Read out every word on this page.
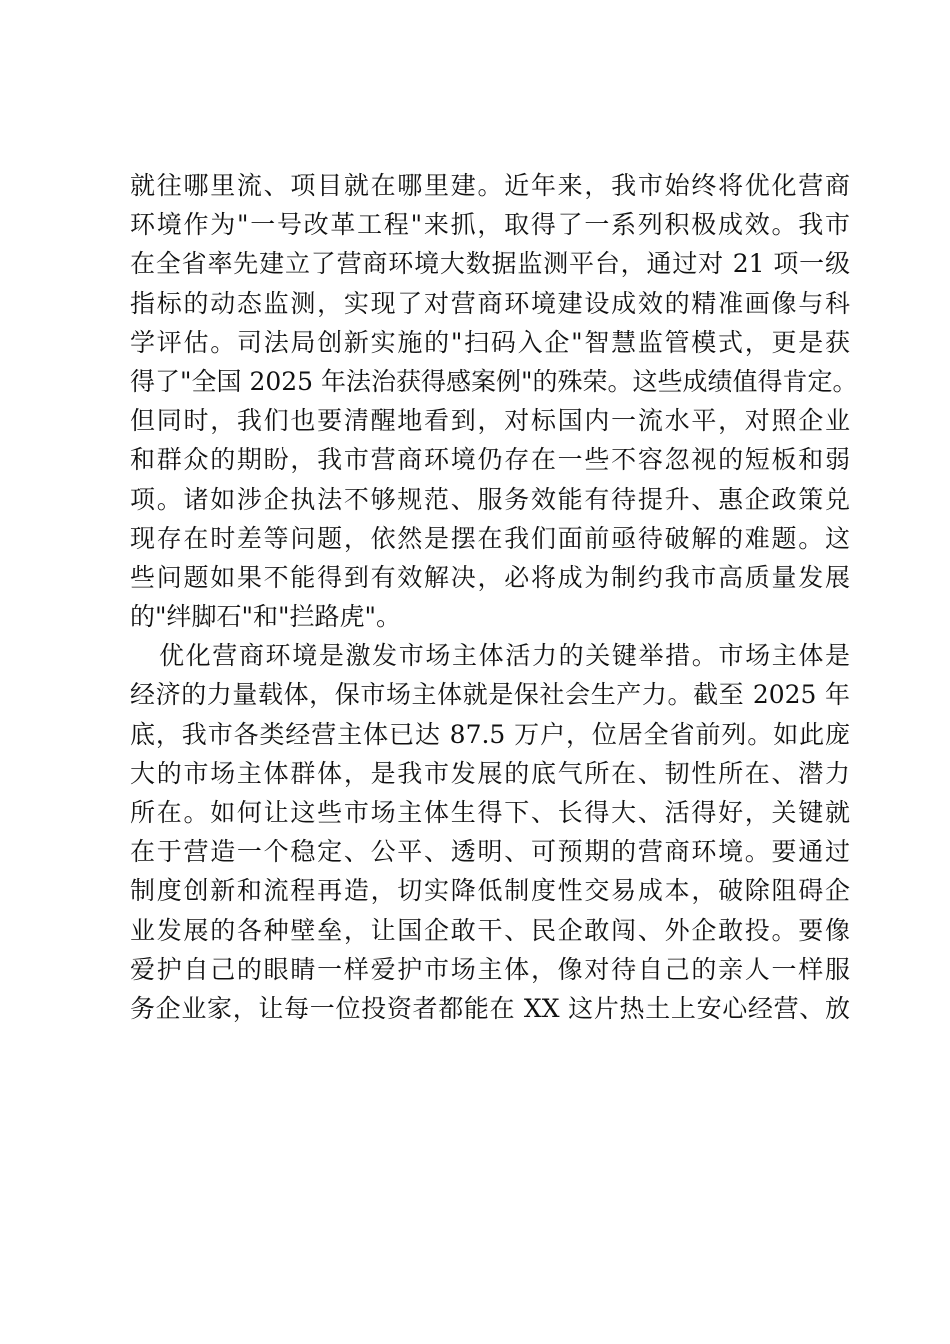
就往哪里流、项目就在哪里建。近年来，我市始终将优化营商
环境作为"一号改革工程"来抓，取得了一系列积极成效。我市
在全省率先建立了营商环境大数据监测平台，通过对 21 项一级
指标的动态监测，实现了对营商环境建设成效的精准画像与科
学评估。司法局创新实施的"扫码入企"智慧监管模式，更是获
得了"全国 2025 年法治获得感案例"的殊荣。这些成绩值得肯定。
但同时，我们也要清醒地看到，对标国内一流水平，对照企业
和群众的期盼，我市营商环境仍存在一些不容忽视的短板和弱
项。诸如涉企执法不够规范、服务效能有待提升、惠企政策兑
现存在时差等问题，依然是摆在我们面前亟待破解的难题。这
些问题如果不能得到有效解决，必将成为制约我市高质量发展
的"绊脚石"和"拦路虎"。
优化营商环境是激发市场主体活力的关键举措。市场主体是
经济的力量载体，保市场主体就是保社会生产力。截至 2025 年
底，我市各类经营主体已达 87.5 万户，位居全省前列。如此庞
大的市场主体群体，是我市发展的底气所在、韧性所在、潜力
所在。如何让这些市场主体生得下、长得大、活得好，关键就
在于营造一个稳定、公平、透明、可预期的营商环境。要通过
制度创新和流程再造，切实降低制度性交易成本，破除阻碍企
业发展的各种壁垒，让国企敢干、民企敢闯、外企敢投。要像
爱护自己的眼睛一样爱护市场主体，像对待自己的亲人一样服
务企业家，让每一位投资者都能在 XX 这片热土上安心经营、放
